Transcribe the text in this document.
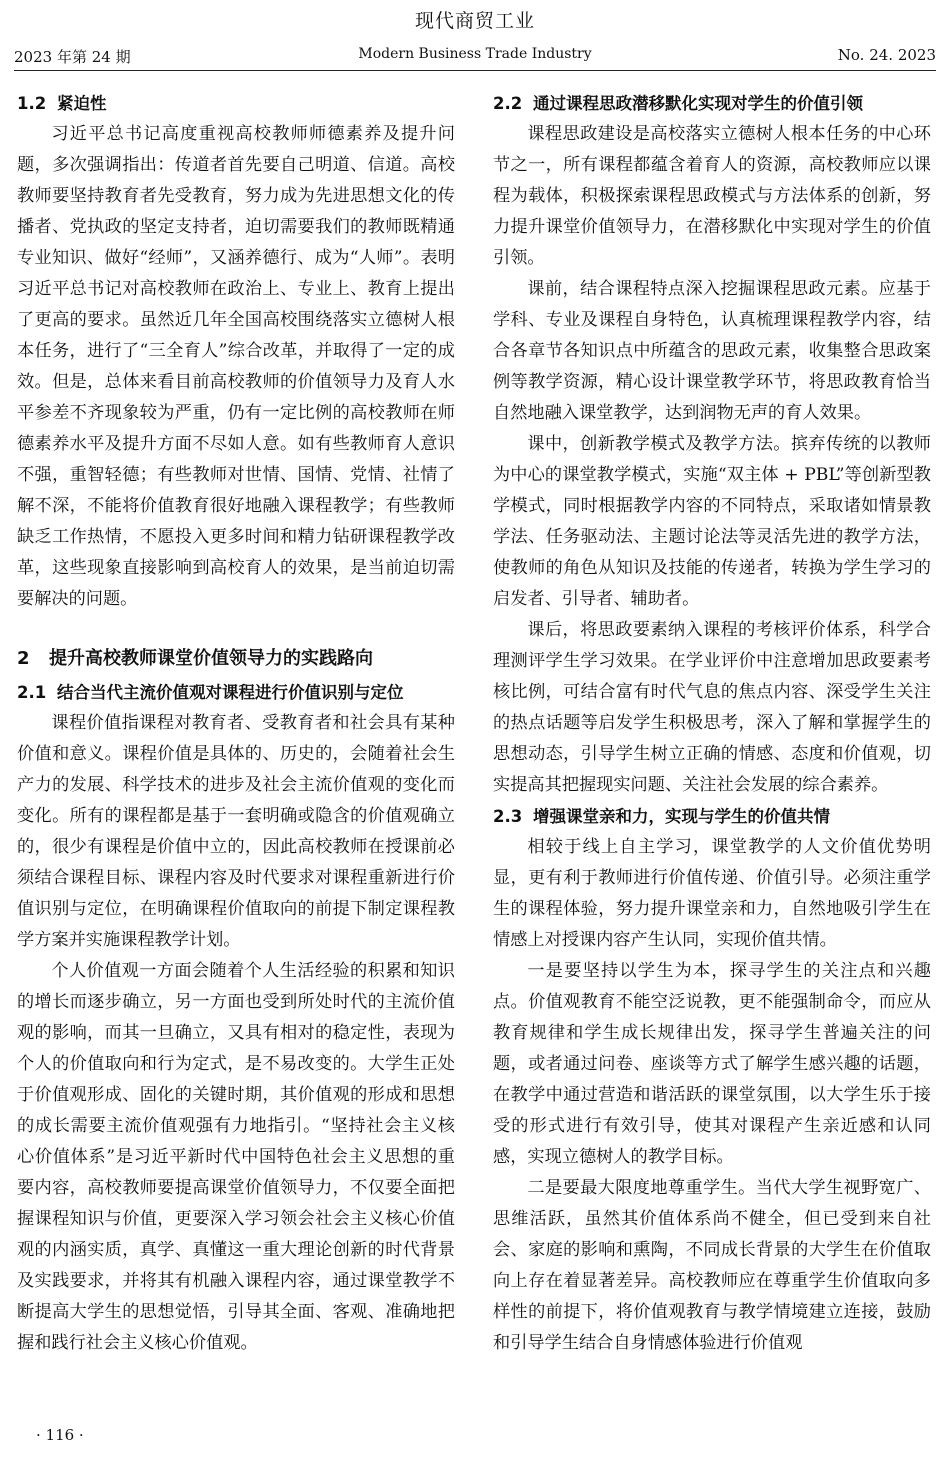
现代商贸工业
2023 年第 24 期	Modern Business Trade Industry	No. 24. 2023
1.2 紧迫性

习近平总书记高度重视高校教师师德素养及提升问题，多次强调指出：传道者首先要自己明道、信道。高校教师要坚持教育者先受教育，努力成为先进思想文化的传播者、党执政的坚定支持者，迫切需要我们的教师既精通专业知识、做好“经师”，又涵养德行、成为“人师”。表明习近平总书记对高校教师在政治上、专业上、教育上提出了更高的要求。虽然近几年全国高校围绕落实立德树人根本任务，进行了“三全育人”综合改革，并取得了一定的成效。但是，总体来看目前高校教师的价值领导力及育人水平参差不齐现象较为严重，仍有一定比例的高校教师在师德素养水平及提升方面不尽如人意。如有些教师育人意识不强，重智轻德；有些教师对世情、国情、党情、社情了解不深，不能将价值教育很好地融入课程教学；有些教师缺乏工作热情，不愿投入更多时间和精力钻研课程教学改革，这些现象直接影响到高校育人的效果，是当前迫切需要解决的问题。

2 提升高校教师课堂价值领导力的实践路向
2.1 结合当代主流价值观对课程进行价值识别与定位

课程价值指课程对教育者、受教育者和社会具有某种价值和意义。课程价值是具体的、历史的，会随着社会生产力的发展、科学技术的进步及社会主流价值观的变化而变化。所有的课程都是基于一套明确或隐含的价值观确立的，很少有课程是价值中立的，因此高校教师在授课前必须结合课程目标、课程内容及时代要求对课程重新进行价值识别与定位，在明确课程价值取向的前提下制定课程教学方案并实施课程教学计划。

个人价值观一方面会随着个人生活经验的积累和知识的增长而逐步确立，另一方面也受到所处时代的主流价值观的影响，而其一旦确立，又具有相对的稳定性，表现为个人的价值取向和行为定式，是不易改变的。大学生正处于价值观形成、固化的关键时期，其价值观的形成和思想的成长需要主流价值观强有力地指引。“坚持社会主义核心价值体系”是习近平新时代中国特色社会主义思想的重要内容，高校教师要提高课堂价值领导力，不仅要全面把握课程知识与价值，更要深入学习领会社会主义核心价值观的内涵实质，真学、真懂这一重大理论创新的时代背景及实践要求，并将其有机融入课程内容，通过课堂教学不断提高大学生的思想觉悟，引导其全面、客观、准确地把握和践行社会主义核心价值观。

2.2 通过课程思政潜移默化实现对学生的价值引领

课程思政建设是高校落实立德树人根本任务的中心环节之一，所有课程都蕴含着育人的资源，高校教师应以课程为载体，积极探索课程思政模式与方法体系的创新，努力提升课堂价值领导力，在潜移默化中实现对学生的价值引领。

课前，结合课程特点深入挖掘课程思政元素。应基于学科、专业及课程自身特色，认真梳理课程教学内容，结合各章节各知识点中所蕴含的思政元素，收集整合思政案例等教学资源，精心设计课堂教学环节，将思政教育恰当自然地融入课堂教学，达到润物无声的育人效果。

课中，创新教学模式及教学方法。摈弃传统的以教师为中心的课堂教学模式，实施“双主体 + PBL”等创新型教学模式，同时根据教学内容的不同特点，采取诸如情景教学法、任务驱动法、主题讨论法等灵活先进的教学方法，使教师的角色从知识及技能的传递者，转换为学生学习的启发者、引导者、辅助者。

课后，将思政要素纳入课程的考核评价体系，科学合理测评学生学习效果。在学业评价中注意增加思政要素考核比例，可结合富有时代气息的焦点内容、深受学生关注的热点话题等启发学生积极思考，深入了解和掌握学生的思想动态，引导学生树立正确的情感、态度和价值观，切实提高其把握现实问题、关注社会发展的综合素养。

2.3 增强课堂亲和力，实现与学生的价值共情

相较于线上自主学习，课堂教学的人文价值优势明显，更有利于教师进行价值传递、价值引导。必须注重学生的课程体验，努力提升课堂亲和力，自然地吸引学生在情感上对授课内容产生认同，实现价值共情。

一是要坚持以学生为本，探寻学生的关注点和兴趣点。价值观教育不能空泛说教，更不能强制命令，而应从教育规律和学生成长规律出发，探寻学生普遍关注的问题，或者通过问卷、座谈等方式了解学生感兴趣的话题，在教学中通过营造和谐活跃的课堂氛围，以大学生乐于接受的形式进行有效引导，使其对课程产生亲近感和认同感，实现立德树人的教学目标。

二是要最大限度地尊重学生。当代大学生视野宽广、思维活跃，虽然其价值体系尚不健全，但已受到来自社会、家庭的影响和熏陶，不同成长背景的大学生在价值取向上存在着显著差异。高校教师应在尊重学生价值取向多样性的前提下，将价值观教育与教学情境建立连接，鼓励和引导学生结合自身情感体验进行价值观

· 116 ·
